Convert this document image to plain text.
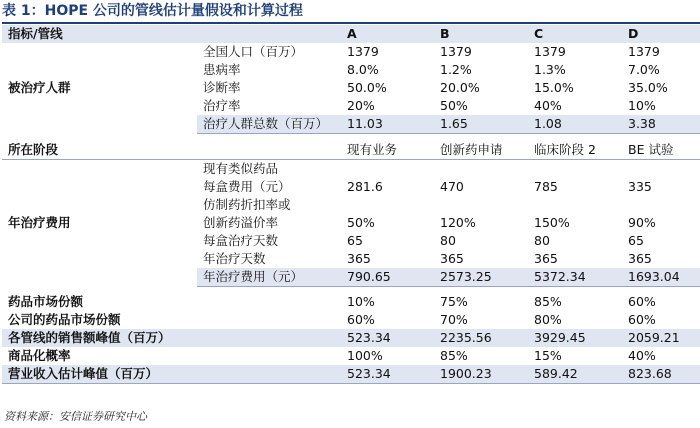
表 1：HOPE 公司的管线估计量假设和计算过程
指标/管线		A	B	C	D
被治疗人群	全国人口（百万）	1379	1379	1379	1379
	患病率	8.0%	1.2%	1.3%	7.0%
	诊断率	50.0%	20.0%	15.0%	35.0%
	治疗率	20%	50%	40%	10%
	治疗人群总数（百万）	11.03	1.65	1.08	3.38

所在阶段		现有业务	创新药申请	临床阶段 2	BE 试验
年治疗费用	现有类似药品				
	每盒费用（元）	281.6	470	785	335
	仿制药折扣率或				
	创新药溢价率	50%	120%	150%	90%
	每盒治疗天数	65	80	80	65
	年治疗天数	365	365	365	365
	年治疗费用（元）	790.65	2573.25	5372.34	1693.04

药品市场份额		10%	75%	85%	60%
公司的药品市场份额		60%	70%	80%	60%
各管线的销售额峰值（百万）		523.34	2235.56	3929.45	2059.21
商品化概率		100%	85%	15%	40%
营业收入估计峰值（百万）		523.34	1900.23	589.42	823.68
资料来源：安信证券研究中心
